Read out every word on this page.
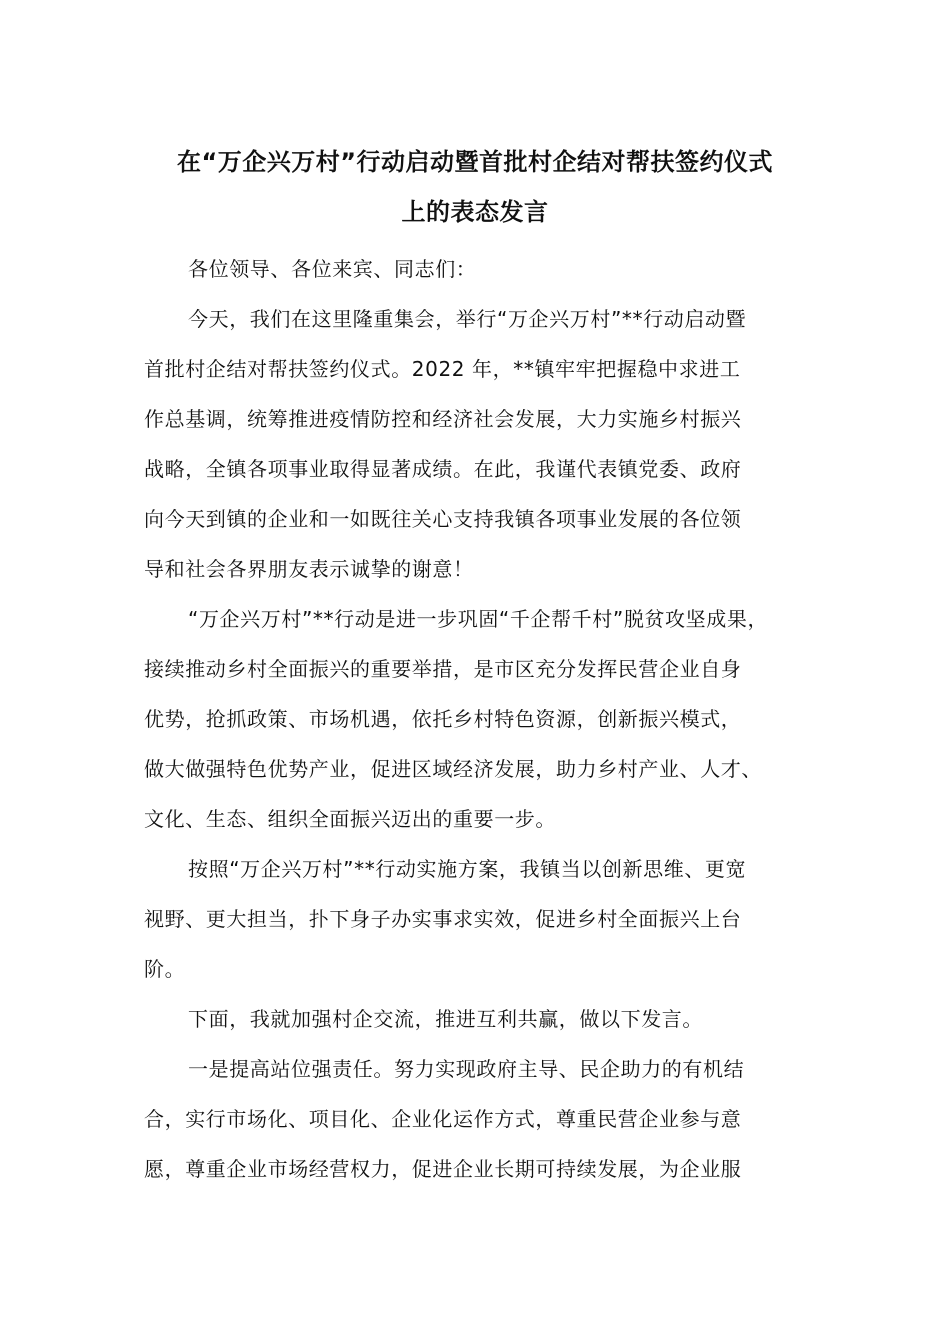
在“万企兴万村”行动启动暨首批村企结对帮扶签约仪式
上的表态发言

各位领导、各位来宾、同志们：

今天，我们在这里隆重集会，举行“万企兴万村”**行动启动暨
首批村企结对帮扶签约仪式。2022 年，**镇牢牢把握稳中求进工
作总基调，统筹推进疫情防控和经济社会发展，大力实施乡村振兴
战略，全镇各项事业取得显著成绩。在此，我谨代表镇党委、政府
向今天到镇的企业和一如既往关心支持我镇各项事业发展的各位领
导和社会各界朋友表示诚挚的谢意！

“万企兴万村”**行动是进一步巩固“千企帮千村”脱贫攻坚成果，
接续推动乡村全面振兴的重要举措，是市区充分发挥民营企业自身
优势，抢抓政策、市场机遇，依托乡村特色资源，创新振兴模式，
做大做强特色优势产业，促进区域经济发展，助力乡村产业、人才、
文化、生态、组织全面振兴迈出的重要一步。

按照“万企兴万村”**行动实施方案，我镇当以创新思维、更宽
视野、更大担当，扑下身子办实事求实效，促进乡村全面振兴上台
阶。

下面，我就加强村企交流，推进互利共赢，做以下发言。

一是提高站位强责任。努力实现政府主导、民企助力的有机结
合，实行市场化、项目化、企业化运作方式，尊重民营企业参与意
愿，尊重企业市场经营权力，促进企业长期可持续发展，为企业服
